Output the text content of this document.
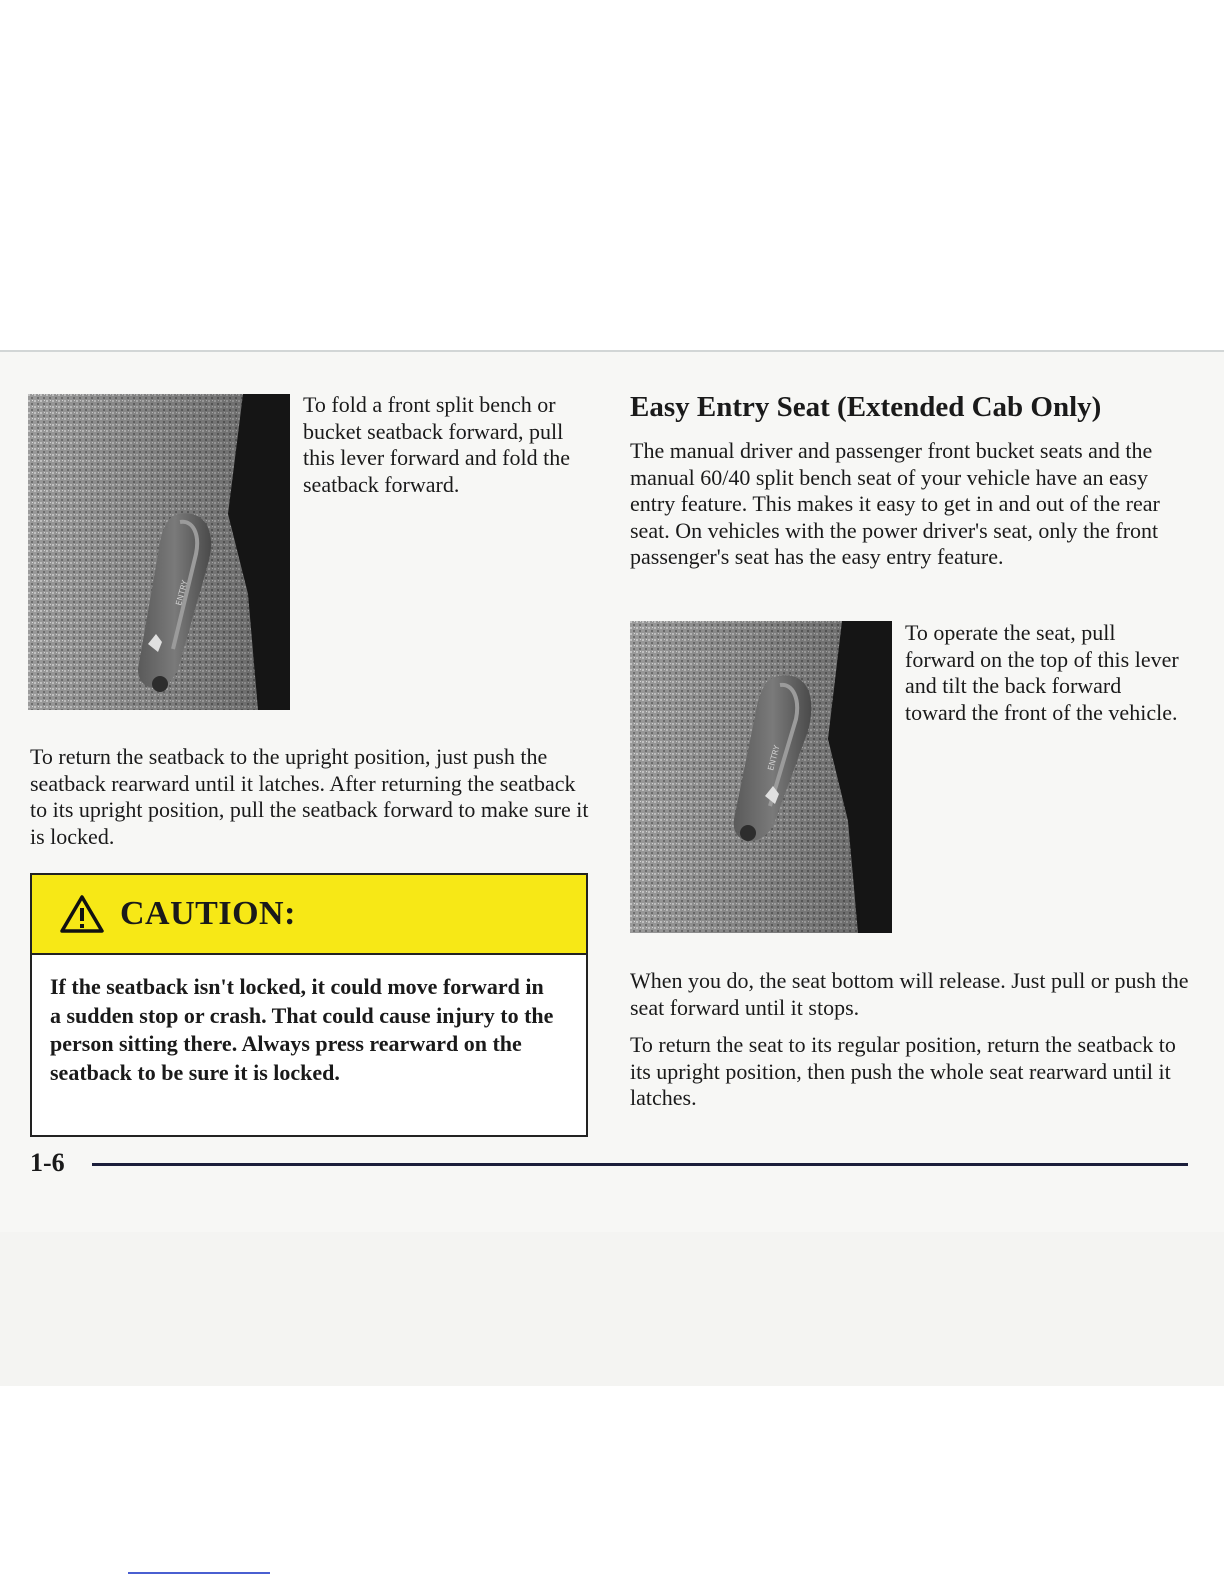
ENTRY

To fold a front split bench or bucket seatback forward, pull this lever forward and fold the seatback forward.

To return the seatback to the upright position, just push the seatback rearward until it latches. After returning the seatback to its upright position, pull the seatback forward to make sure it is locked.

CAUTION:

If the seatback isn't locked, it could move forward in a sudden stop or crash. That could cause injury to the person sitting there. Always press rearward on the seatback to be sure it is locked.

Easy Entry Seat (Extended Cab Only)

The manual driver and passenger front bucket seats and the manual 60/40 split bench seat of your vehicle have an easy entry feature. This makes it easy to get in and out of the rear seat. On vehicles with the power driver's seat, only the front passenger's seat has the easy entry feature.

ENTRY

To operate the seat, pull forward on the top of this lever and tilt the back forward toward the front of the vehicle.

When you do, the seat bottom will release. Just pull or push the seat forward until it stops.

To return the seat to its regular position, return the seatback to its upright position, then push the whole seat rearward until it latches.

1-6
